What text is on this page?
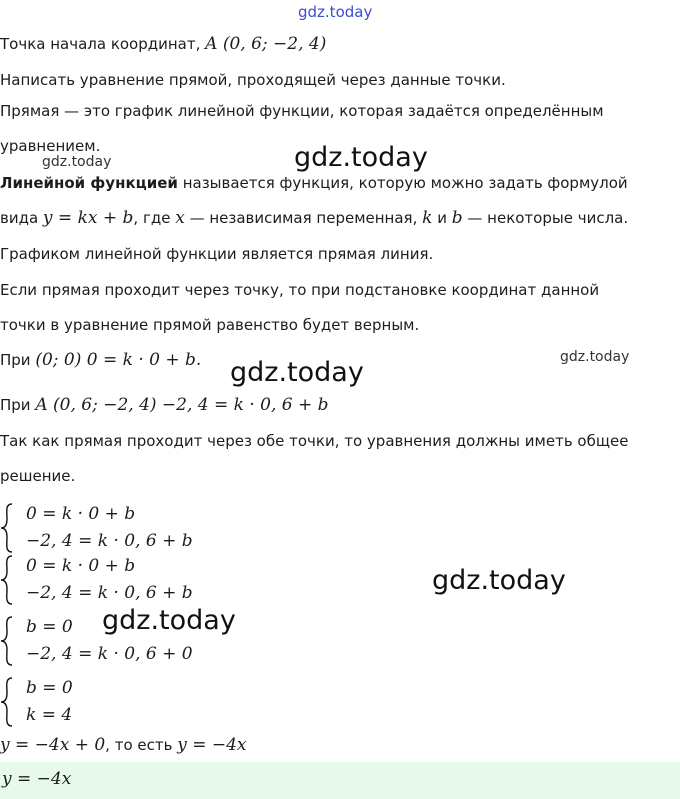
gdz.today
gdz.today
gdz.today
gdz.today
gdz.today
gdz.today
gdz.today
Точка начала координат, A (0, 6; −2, 4)
Написать уравнение прямой, проходящей через данные точки.
Прямая — это график линейной функции, которая задаётся определённым
уравнением.
Линейной функцией называется функция, которую можно задать формулой
вида y = kx + b, где x — независимая переменная, k и b — некоторые числа.
Графиком линейной функции является прямая линия.
Если прямая проходит через точку, то при подстановке координат данной
точки в уравнение прямой равенство будет верным.
При (0; 0) 0 = k · 0 + b.
При A (0, 6; −2, 4) −2, 4 = k · 0, 6 + b
Так как прямая проходит через обе точки, то уравнения должны иметь общее
решение.
0 = k · 0 + b
−2, 4 = k · 0, 6 + b
0 = k · 0 + b
−2, 4 = k · 0, 6 + b
b = 0
−2, 4 = k · 0, 6 + 0
b = 0
k = 4
y = −4x + 0, то есть y = −4x
y = −4x
